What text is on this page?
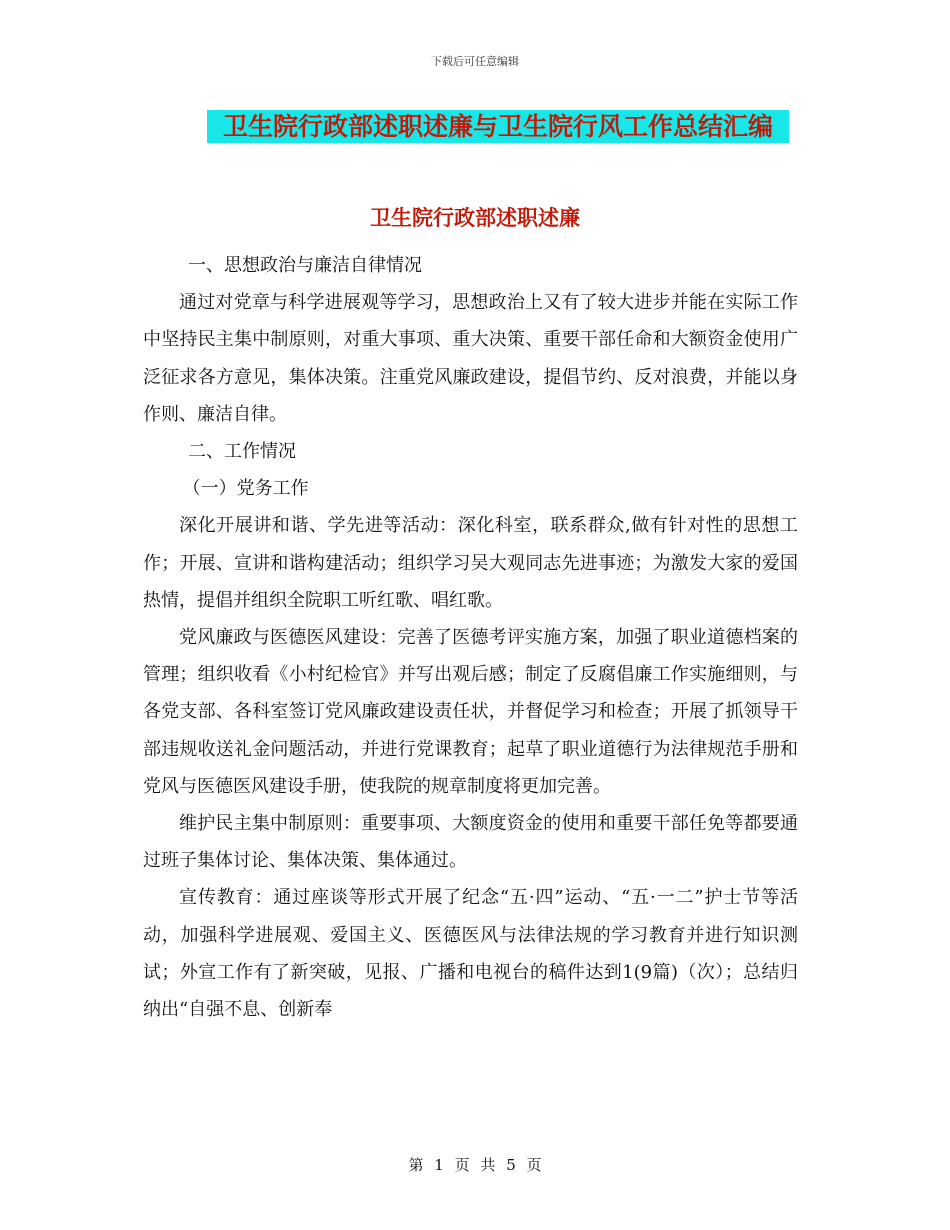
下载后可任意编辑
卫生院行政部述职述廉与卫生院行风工作总结汇编
卫生院行政部述职述廉

一、思想政治与廉洁自律情况

通过对党章与科学进展观等学习，思想政治上又有了较大进步并能在实际工作中坚持民主集中制原则，对重大事项、重大决策、重要干部任命和大额资金使用广泛征求各方意见，集体决策。注重党风廉政建设，提倡节约、反对浪费，并能以身作则、廉洁自律。

二、工作情况

（一）党务工作

深化开展讲和谐、学先进等活动：深化科室，联系群众,做有针对性的思想工作；开展、宣讲和谐构建活动；组织学习吴大观同志先进事迹；为激发大家的爱国热情，提倡并组织全院职工听红歌、唱红歌。

党风廉政与医德医风建设：完善了医德考评实施方案，加强了职业道德档案的管理；组织收看《小村纪检官》并写出观后感；制定了反腐倡廉工作实施细则，与各党支部、各科室签订党风廉政建设责任状，并督促学习和检查；开展了抓领导干部违规收送礼金问题活动，并进行党课教育；起草了职业道德行为法律规范手册和党风与医德医风建设手册，使我院的规章制度将更加完善。

维护民主集中制原则：重要事项、大额度资金的使用和重要干部任免等都要通过班子集体讨论、集体决策、集体通过。

宣传教育：通过座谈等形式开展了纪念“五·四”运动、“五·一二”护士节等活动，加强科学进展观、爱国主义、医德医风与法律法规的学习教育并进行知识测试；外宣工作有了新突破，见报、广播和电视台的稿件达到1(9篇)（次）；总结归纳出“自强不息、创新奉

第 1 页 共 5 页
